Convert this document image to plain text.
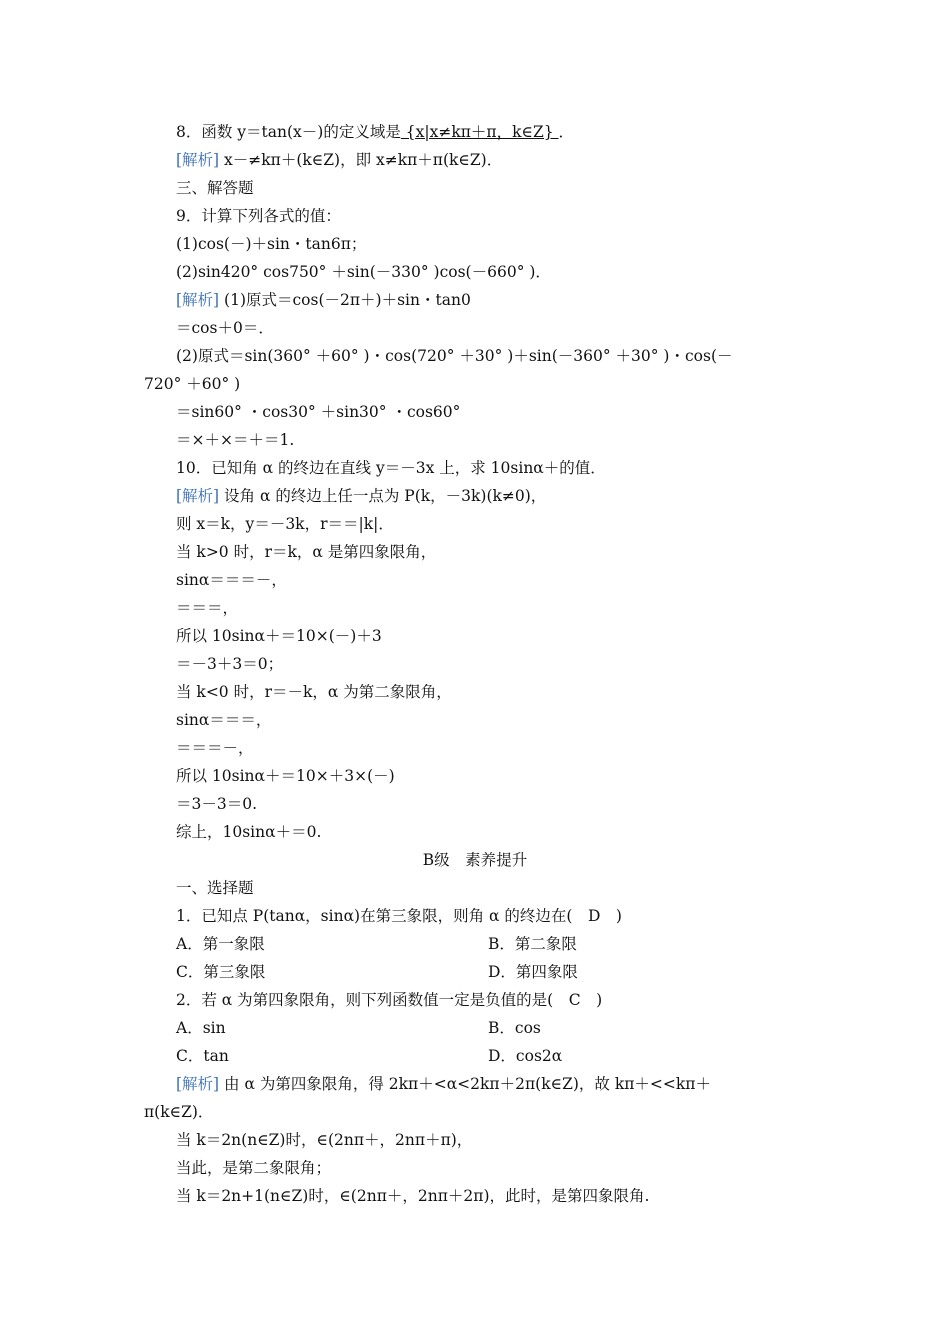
8．函数 y＝tan(x－)的定义域是 {x|x≠kπ＋π，k∈Z} ．
[解析] x－≠kπ＋(k∈Z)，即 x≠kπ＋π(k∈Z)．
三、解答题
9．计算下列各式的值：
(1)cos(－)＋sin・tan6π；
(2)sin420° cos750° ＋sin(－330° )cos(－660° )．
[解析] (1)原式＝cos(－2π＋)＋sin・tan0
＝cos＋0＝．
(2)原式＝sin(360° ＋60° )・cos(720° ＋30° )＋sin(－360° ＋30° )・cos(－
720° ＋60° )
＝sin60° ・cos30° ＋sin30° ・cos60°
＝×＋×＝＋＝1.
10．已知角 α 的终边在直线 y＝－3x 上，求 10sinα＋的值．
[解析] 设角 α 的终边上任一点为 P(k，－3k)(k≠0)，
则 x＝k，y＝－3k，r＝＝|k|．
当 k>0 时，r＝k，α 是第四象限角，
sinα＝＝＝－，
＝＝＝，
所以 10sinα＋＝10×(－)＋3
＝－3＋3＝0；
当 k<0 时，r＝－k，α 为第二象限角，
sinα＝＝＝，
＝＝＝－，
所以 10sinα＋＝10×＋3×(－)
＝3－3＝0.
综上，10sinα＋＝0.
B级　素养提升
一、选择题
1．已知点 P(tanα，sinα)在第三象限，则角 α 的终边在(　D　)
A．第一象限	B．第二象限
C．第三象限	D．第四象限
2．若 α 为第四象限角，则下列函数值一定是负值的是(　C　)
A．sin	B．cos
C．tan	D．cos2α
[解析] 由 α 为第四象限角，得 2kπ＋<α<2kπ＋2π(k∈Z)，故 kπ＋<<kπ＋
π(k∈Z)．
当 k＝2n(n∈Z)时，∈(2nπ＋，2nπ＋π)，
当此，是第二象限角；
当 k＝2n+1(n∈Z)时，∈(2nπ＋，2nπ＋2π)，此时，是第四象限角.
